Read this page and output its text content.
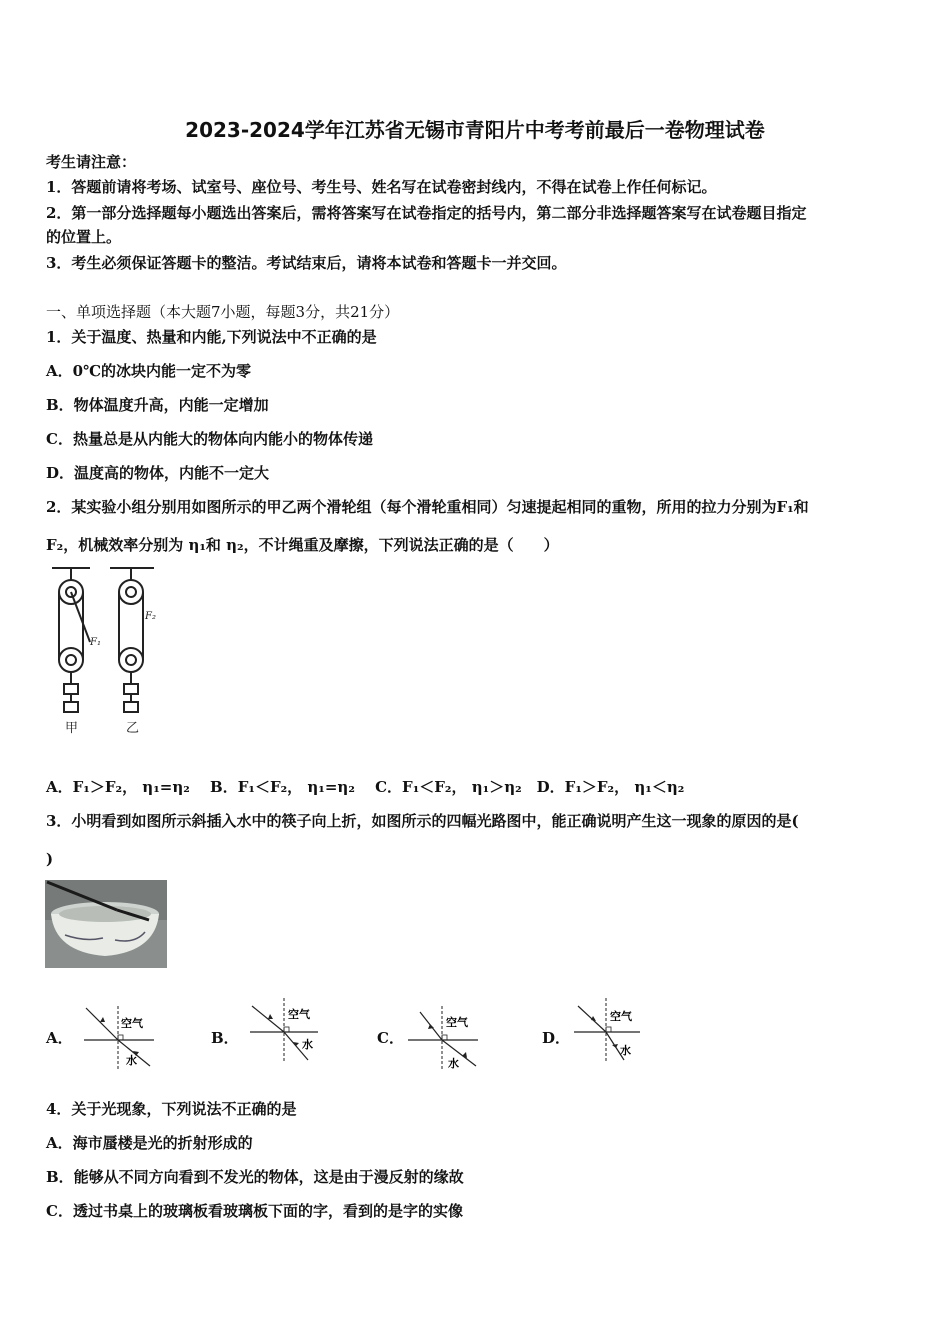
2023-2024学年江苏省无锡市青阳片中考考前最后一卷物理试卷
考生请注意：
1．答题前请将考场、试室号、座位号、考生号、姓名写在试卷密封线内，不得在试卷上作任何标记。
2．第一部分选择题每小题选出答案后，需将答案写在试卷指定的括号内，第二部分非选择题答案写在试卷题目指定
的位置上。
3．考生必须保证答题卡的整洁。考试结束后，请将本试卷和答题卡一并交回。
一、单项选择题（本大题7小题，每题3分，共21分）
1．关于温度、热量和内能,下列说法中不正确的是
A．0℃的冰块内能一定不为零
B．物体温度升高，内能一定增加
C．热量总是从内能大的物体向内能小的物体传递
D．温度高的物体，内能不一定大
2．某实验小组分别用如图所示的甲乙两个滑轮组（每个滑轮重相同）匀速提起相同的重物，所用的拉力分别为F₁和
F₂，机械效率分别为 η₁和 η₂，不计绳重及摩擦，下列说法正确的是（　　）
F₁
F₂
甲	乙
A．F₁＞F₂， η₁=η₂　 B．F₁＜F₂， η₁=η₂　 C．F₁＜F₂， η₁＞η₂　D．F₁＞F₂， η₁＜η₂
3．小明看到如图所示斜插入水中的筷子向上折，如图所示的四幅光路图中，能正确说明产生这一现象的原因的是(
)
A．
空气
水
B．
空气
水	C．
空气
水
D．
空气
水
4．关于光现象，下列说法不正确的是
A．海市蜃楼是光的折射形成的
B．能够从不同方向看到不发光的物体，这是由于漫反射的缘故
C．透过书桌上的玻璃板看玻璃板下面的字，看到的是字的实像
